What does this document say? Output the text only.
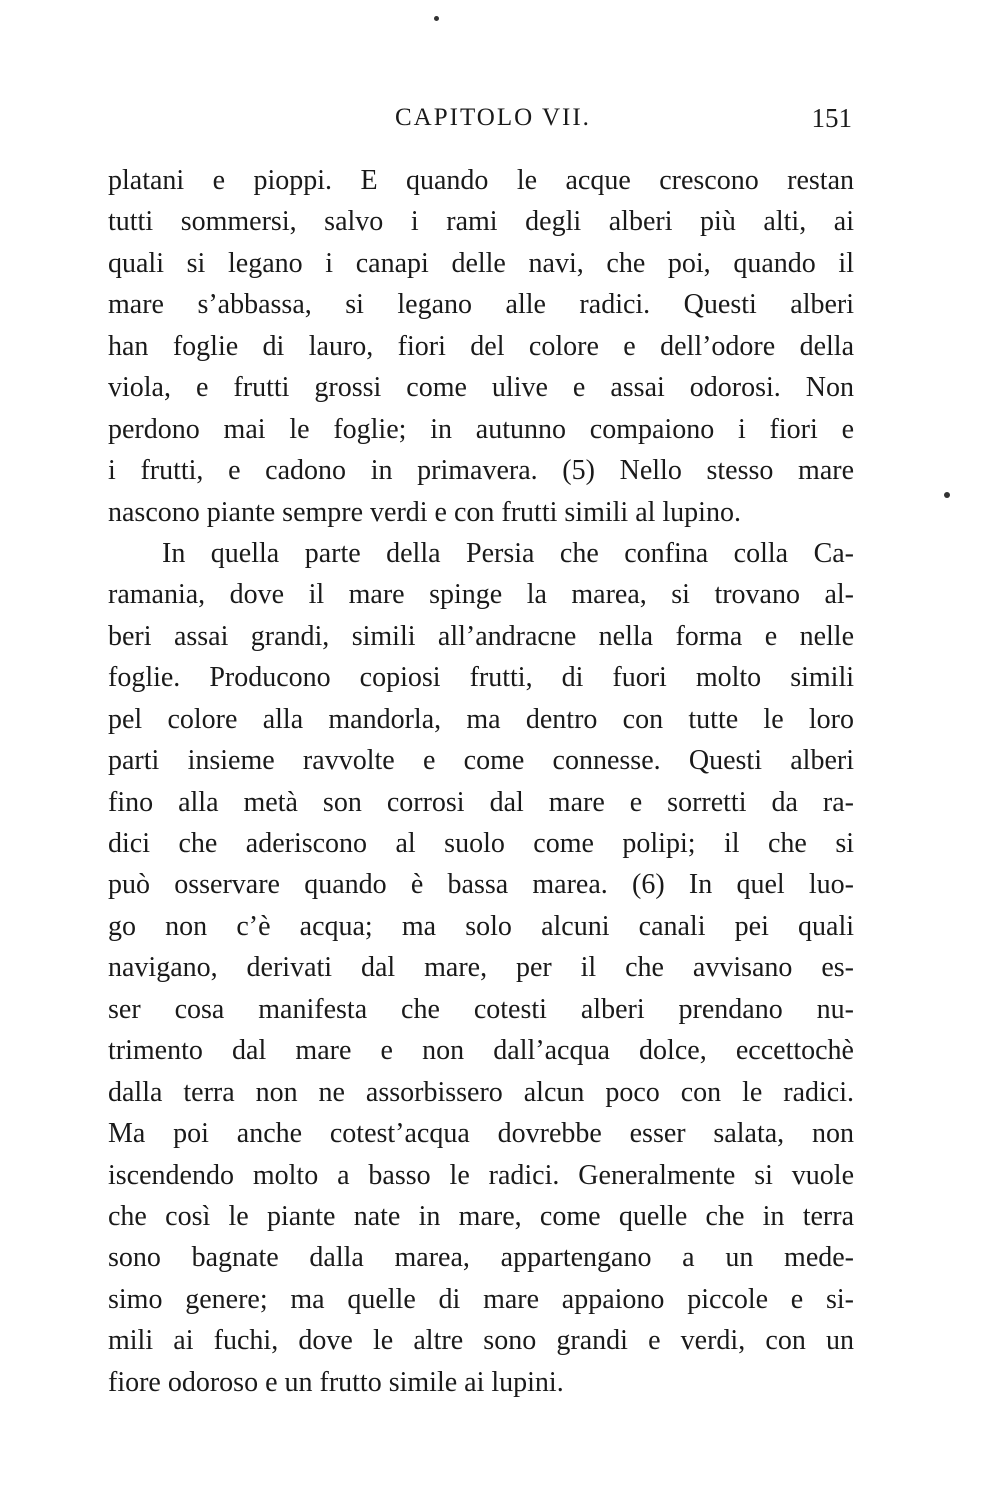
CAPITOLO VII.	151
platani e pioppi. E quando le acque crescono restan
tutti sommersi, salvo i rami degli alberi più alti, ai
quali si legano i canapi delle navi, che poi, quando il
mare s’abbassa, si legano alle radici. Questi alberi
han foglie di lauro, fiori del colore e dell’odore della
viola, e frutti grossi come ulive e assai odorosi. Non
perdono mai le foglie; in autunno compaiono i fiori e
i frutti, e cadono in primavera. (5) Nello stesso mare
nascono piante sempre verdi e con frutti simili al lupino.
In quella parte della Persia che confina colla Ca-
ramania, dove il mare spinge la marea, si trovano al-
beri assai grandi, simili all’andracne nella forma e nelle
foglie. Producono copiosi frutti, di fuori molto simili
pel colore alla mandorla, ma dentro con tutte le loro
parti insieme ravvolte e come connesse. Questi alberi
fino alla metà son corrosi dal mare e sorretti da ra-
dici che aderiscono al suolo come polipi; il che si
può osservare quando è bassa marea. (6) In quel luo-
go non c’è acqua; ma solo alcuni canali pei quali
navigano, derivati dal mare, per il che avvisano es-
ser cosa manifesta che cotesti alberi prendano nu-
trimento dal mare e non dall’acqua dolce, eccettochè
dalla terra non ne assorbissero alcun poco con le radici.
Ma poi anche cotest’acqua dovrebbe esser salata, non
iscendendo molto a basso le radici. Generalmente si vuole
che così le piante nate in mare, come quelle che in terra
sono bagnate dalla marea, appartengano a un mede-
simo genere; ma quelle di mare appaiono piccole e si-
mili ai fuchi, dove le altre sono grandi e verdi, con un
fiore odoroso e un frutto simile ai lupini.
